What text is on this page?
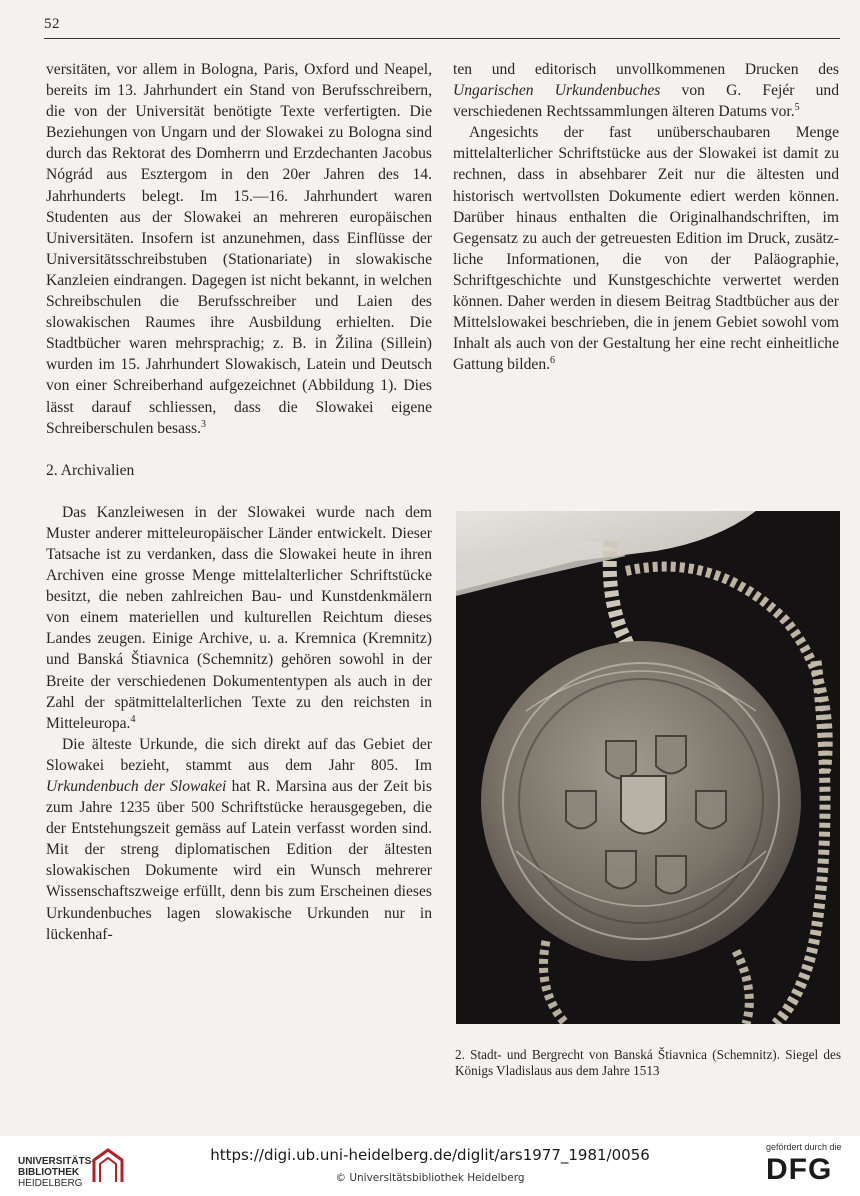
52

versitäten, vor allem in Bologna, Paris, Oxford und Neapel, bereits im 13. Jahrhundert ein Stand von Berufsschreibern, die von der Universität benötigte Texte verfertigten. Die Beziehungen von Ungarn und der Slowakei zu Bologna sind durch das Rektorat des Domherrn und Erzdechanten Jacobus Nógrád aus Esztergom in den 20er Jahren des 14. Jahrhunderts belegt. Im 15.—16. Jahrhundert waren Studenten aus der Slowakei an mehreren europäischen Universitäten. Insofern ist anzunehmen, dass Einflüsse der Universitätsschreibstuben (Stationariate) in slowakische Kanzleien eindrangen. Dagegen ist nicht bekannt, in welchen Schreibschulen die Berufsschreiber und Laien des slowakischen Raumes ihre Ausbildung erhielten. Die Stadtbücher waren mehrsprachig; z. B. in Žilina (Sillein) wurden im 15. Jahrhundert Slowakisch, Latein und Deutsch von einer Schreiberhand aufgezeichnet (Abbildung 1). Dies lässt darauf schliessen, dass die Slowakei eigene Schreiberschulen besass.$^3$

2. Archivalien

Das Kanzleiwesen in der Slowakei wurde nach dem Muster anderer mitteleuropäischer Länder entwickelt. Dieser Tatsache ist zu verdanken, dass die Slowakei heute in ihren Archiven eine grosse Menge mittelalterlicher Schriftstücke besitzt, die neben zahlreichen Bau- und Kunstdenkmälern von einem materiellen und kulturellen Reichtum dieses Landes zeugen. Einige Archive, u. a. Kremnica (Kremnitz) und Banská Štiavnica (Schemnitz) gehören sowohl in der Breite der verschiedenen Dokumententypen als auch in der Zahl der spätmittelalterlichen Texte zu den reichsten in Mitteleuropa.$^4$

Die älteste Urkunde, die sich direkt auf das Gebiet der Slowakei bezieht, stammt aus dem Jahr 805. Im Urkundenbuch der Slowakei hat R. Marsina aus der Zeit bis zum Jahre 1235 über 500 Schriftstücke herausgegeben, die der Entstehungszeit gemäss auf Latein verfasst worden sind. Mit der streng diplomatischen Edition der ältesten slowakischen Dokumente wird ein Wunsch mehrerer Wissenschaftszweige erfüllt, denn bis zum Erscheinen dieses Urkundenbuches lagen slowakische Urkunden nur in lückenhaf-

ten und editorisch unvollkommenen Drucken des Ungarischen Urkundenbuches von G. Fejér und verschiedenen Rechtssammlungen älteren Datums vor.$^5$

Angesichts der fast unüberschaubaren Menge mittelalterlicher Schriftstücke aus der Slowakei ist damit zu rechnen, dass in absehbarer Zeit nur die ältesten und historisch wertvollsten Dokumente ediert werden können. Darüber hinaus enthalten die Originalhandschriften, im Gegensatz zu auch der getreuesten Edition im Druck, zusätzliche Informationen, die von der Paläographie, Schriftgeschichte und Kunstgeschichte verwertet werden können. Daher werden in diesem Beitrag Stadtbücher aus der Mittelslowakei beschrieben, die in jenem Gebiet sowohl vom Inhalt als auch von der Gestaltung her eine recht einheitliche Gattung bilden.$^6$

2. Stadt- und Bergrecht von Banská Štiavnica (Schemnitz). Siegel des Königs Vladislaus aus dem Jahre 1513
UNIVERSITÄTS-
BIBLIOTHEK
HEIDELBERG
https://digi.ub.uni-heidelberg.de/diglit/ars1977_1981/0056
© Universitätsbibliothek Heidelberg
gefördert durch die
DFG
